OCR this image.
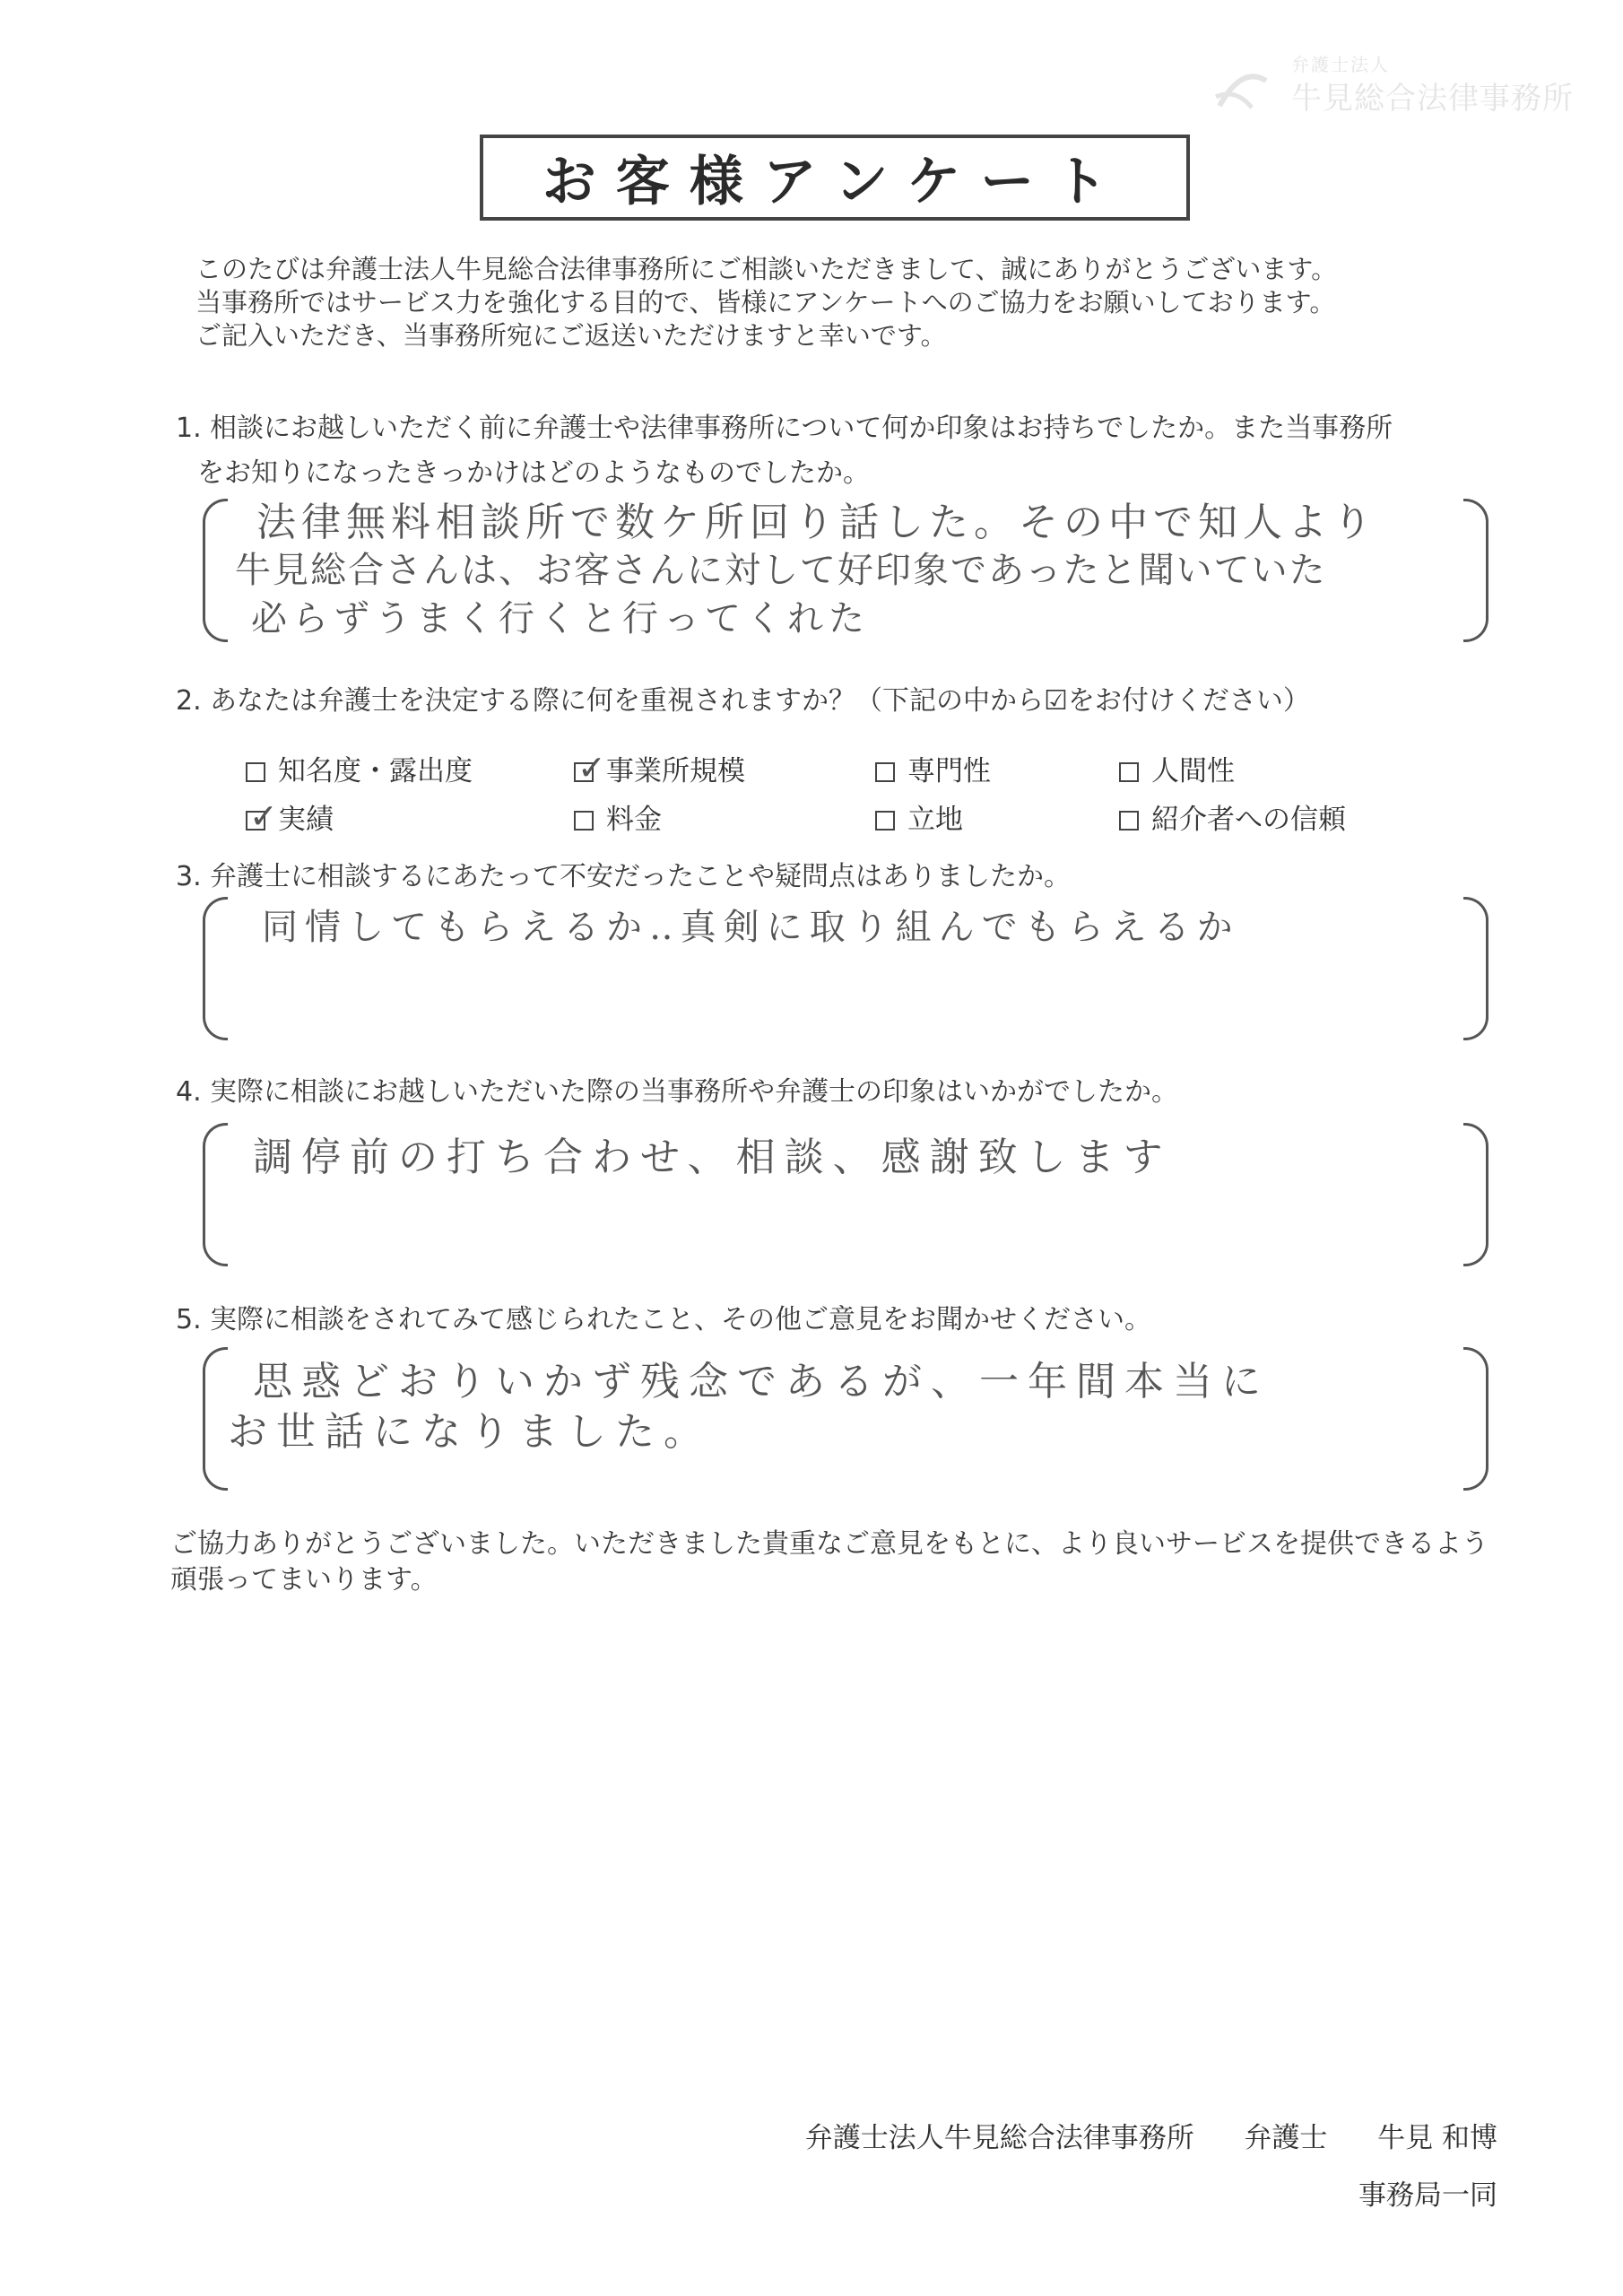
弁護士法人
牛見総合法律事務所
お客様アンケート
このたびは弁護士法人牛見総合法律事務所にご相談いただきまして、誠にありがとうございます。
当事務所ではサービス力を強化する目的で、皆様にアンケートへのご協力をお願いしております。
ご記入いただき、当事務所宛にご返送いただけますと幸いです。
1. 相談にお越しいただく前に弁護士や法律事務所について何か印象はお持ちでしたか。また当事務所
をお知りになったきっかけはどのようなものでしたか。
法律無料相談所で数ケ所回り話した。その中で知人より
牛見総合さんは、お客さんに対して好印象であったと聞いていた
必らずうまく行くと行ってくれた
2. あなたは弁護士を決定する際に何を重視されますか？（下記の中から☑をお付けください）
知名度・露出度	✓ 事業所規模	専門性	人間性
✓ 実績	料金	立地	紹介者への信頼
3. 弁護士に相談するにあたって不安だったことや疑問点はありましたか。
同情してもらえるか‥真剣に取り組んでもらえるか
4. 実際に相談にお越しいただいた際の当事務所や弁護士の印象はいかがでしたか。
調停前の打ち合わせ、相談、感謝致します
5. 実際に相談をされてみて感じられたこと、その他ご意見をお聞かせください。
思惑どおりいかず残念であるが、一年間本当に
お世話になりました。
ご協力ありがとうございました。いただきました貴重なご意見をもとに、より良いサービスを提供できるよう
頑張ってまいります。
弁護士法人牛見総合法律事務所 弁護士 牛見 和博
事務局一同
